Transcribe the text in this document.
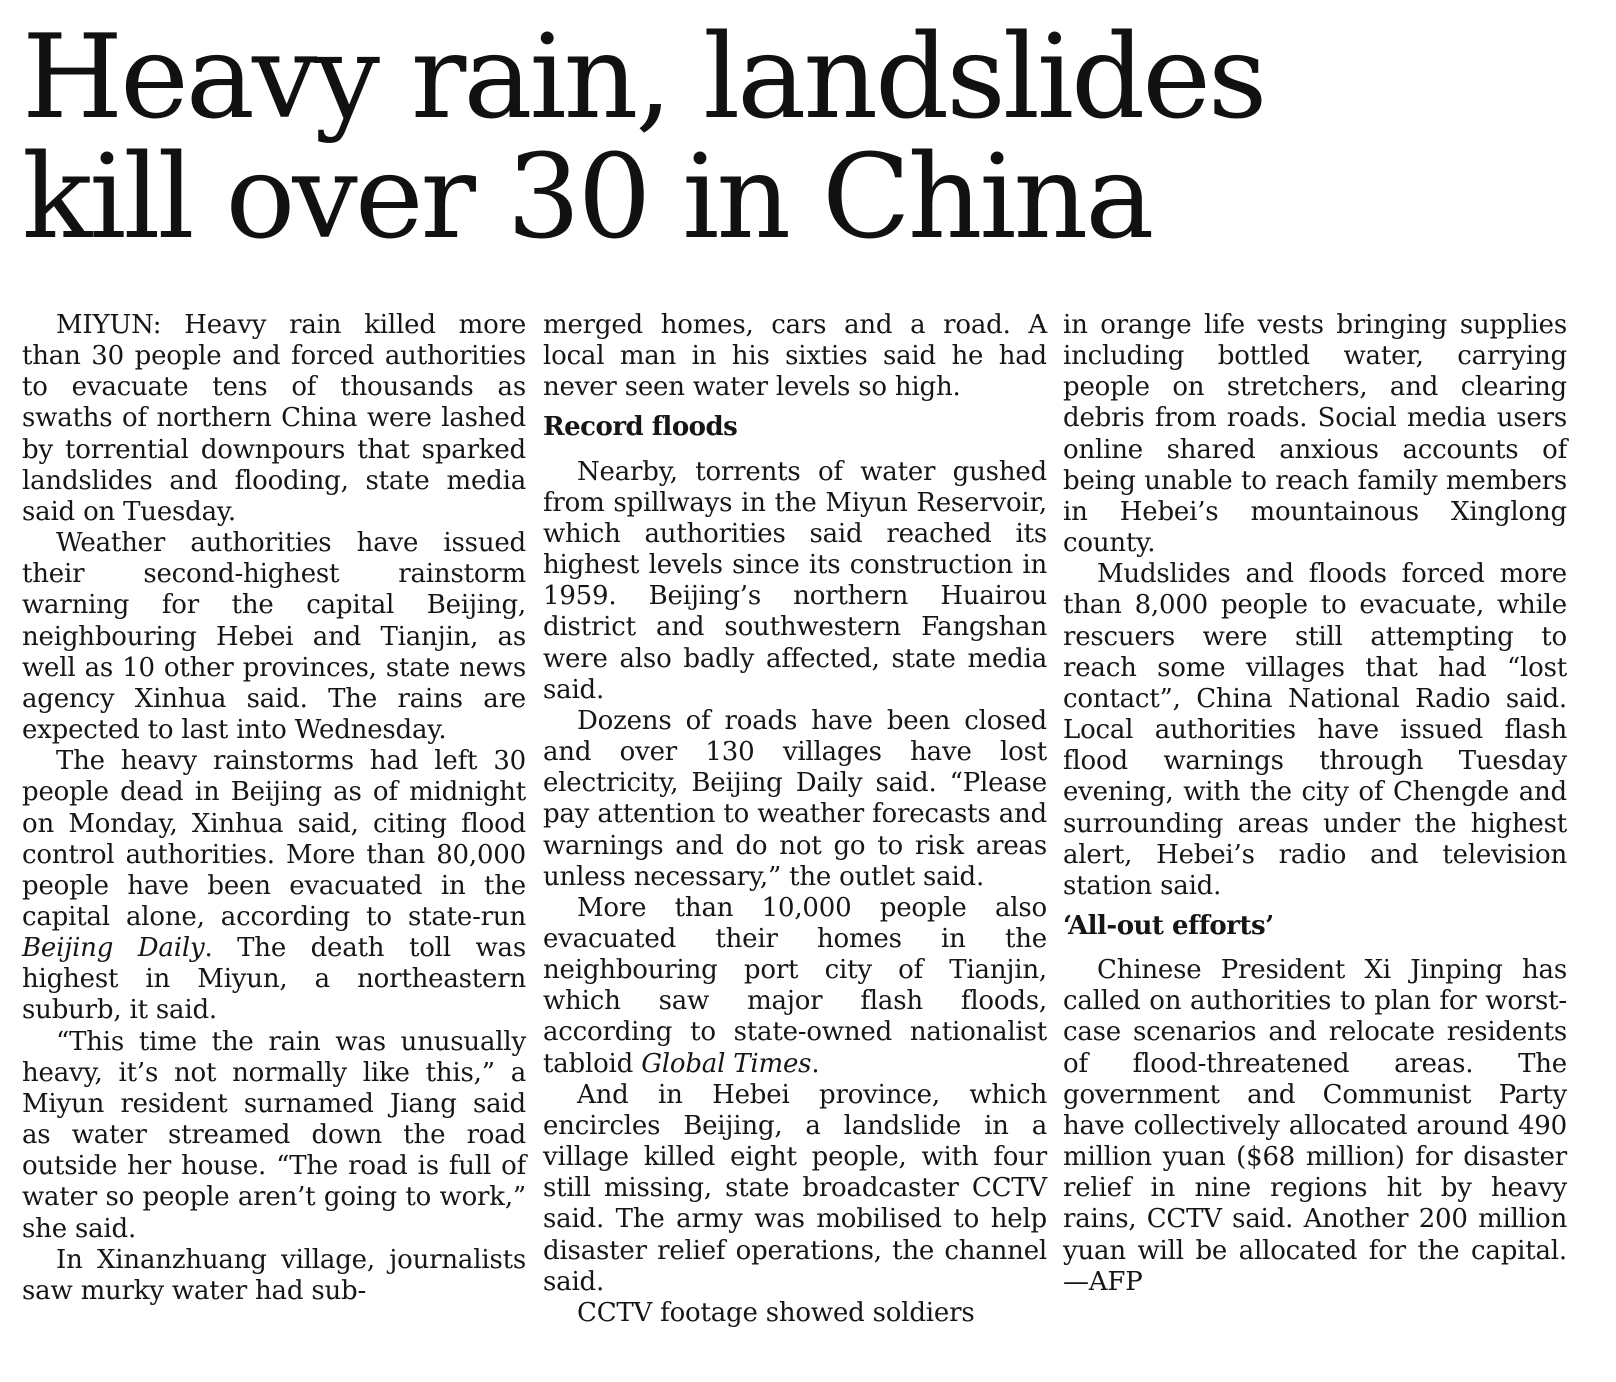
Heavy rain, landslides
kill over 30 in China

MIYUN: Heavy rain killed more than 30 people and forced authorities to evacuate tens of thousands as swaths of northern China were lashed by torrential downpours that sparked landslides and flooding, state media said on Tuesday.

Weather authorities have issued their second-highest rainstorm warning for the capital Beijing, neighbouring Hebei and Tianjin, as well as 10 other provinces, state news agency Xinhua said. The rains are expected to last into Wednesday.

The heavy rainstorms had left 30 people dead in Beijing as of midnight on Monday, Xinhua said, citing flood control authorities. More than 80,000 people have been evacuated in the capital alone, according to state-run Beijing Daily. The death toll was highest in Miyun, a northeastern suburb, it said.

“This time the rain was unusually heavy, it’s not normally like this,” a Miyun resident surnamed Jiang said as water streamed down the road outside her house. “The road is full of water so people aren’t going to work,” she said.

In Xinanzhuang village, journalists saw murky water had sub-

merged homes, cars and a road. A local man in his sixties said he had never seen water levels so high.

Record floods

Nearby, torrents of water gushed from spillways in the Miyun Reservoir, which authorities said reached its highest levels since its construction in 1959. Beijing’s northern Huairou district and southwestern Fangshan were also badly affected, state media said.

Dozens of roads have been closed and over 130 villages have lost electricity, Beijing Daily said. “Please pay attention to weather forecasts and warnings and do not go to risk areas unless necessary,” the outlet said.

More than 10,000 people also evacuated their homes in the neighbouring port city of Tianjin, which saw major flash floods, according to state-owned nationalist tabloid Global Times.

And in Hebei province, which encircles Beijing, a landslide in a village killed eight people, with four still missing, state broadcaster CCTV said. The army was mobilised to help disaster relief operations, the channel said.

CCTV footage showed soldiers

in orange life vests bringing supplies including bottled water, carrying people on stretchers, and clearing debris from roads. Social media users online shared anxious accounts of being unable to reach family members in Hebei’s mountainous Xinglong county.

Mudslides and floods forced more than 8,000 people to evacuate, while rescuers were still attempting to reach some villages that had “lost contact”, China National Radio said. Local authorities have issued flash flood warnings through Tuesday evening, with the city of Chengde and surrounding areas under the highest alert, Hebei’s radio and television station said.

‘All-out efforts’

Chinese President Xi Jinping has called on authorities to plan for worst-case scenarios and relocate residents of flood-threatened areas. The government and Communist Party have collectively allocated around 490 million yuan ($68 million) for disaster relief in nine regions hit by heavy rains, CCTV said. Another 200 million yuan will be allocated for the capital.—AFP
